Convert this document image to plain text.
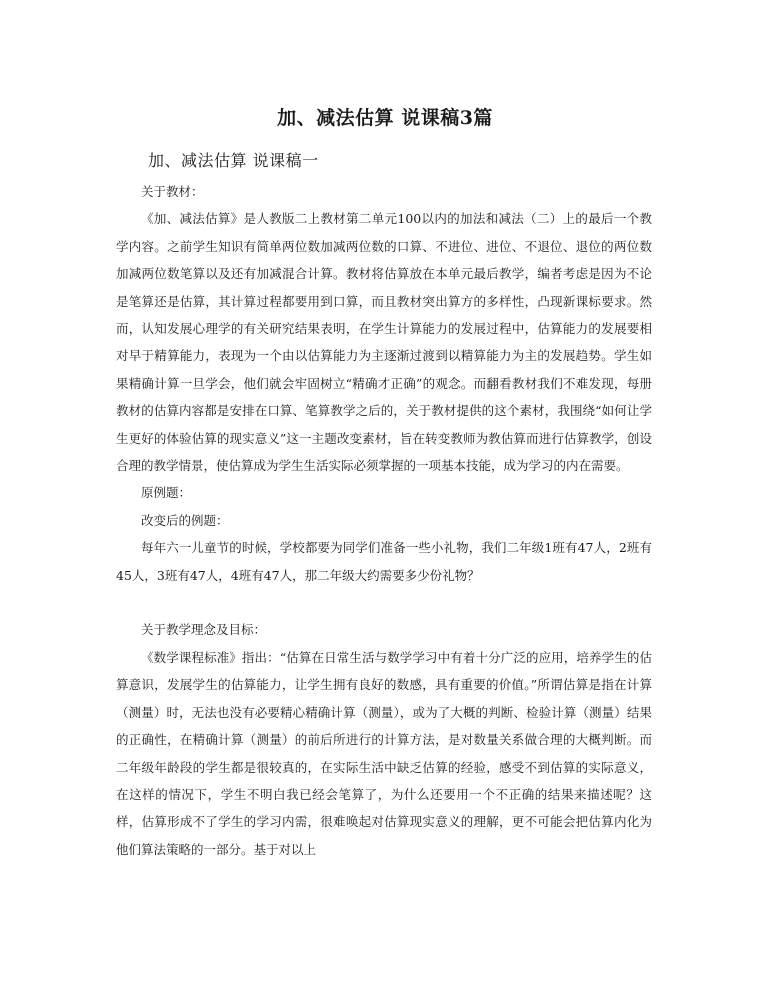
加、减法估算 说课稿3篇
加、减法估算 说课稿一

关于教材：

《加、减法估算》是人教版二上教材第二单元100以内的加法和减法（二）上的最后一个教学内容。之前学生知识有简单两位数加减两位数的口算、不进位、进位、不退位、退位的两位数加减两位数笔算以及还有加减混合计算。教材将估算放在本单元最后教学，编者考虑是因为不论是笔算还是估算，其计算过程都要用到口算，而且教材突出算方的多样性，凸现新课标要求。然而，认知发展心理学的有关研究结果表明，在学生计算能力的发展过程中，估算能力的发展要相对早于精算能力，表现为一个由以估算能力为主逐渐过渡到以精算能力为主的发展趋势。学生如果精确计算一旦学会，他们就会牢固树立“精确才正确”的观念。而翻看教材我们不难发现，每册教材的估算内容都是安排在口算、笔算教学之后的，关于教材提供的这个素材，我围绕“如何让学生更好的体验估算的现实意义”这一主题改变素材，旨在转变教师为教估算而进行估算教学，创设合理的教学情景，使估算成为学生生活实际必须掌握的一项基本技能，成为学习的内在需要。

原例题：

改变后的例题：

每年六一儿童节的时候，学校都要为同学们准备一些小礼物，我们二年级1班有47人，2班有45人，3班有47人，4班有47人，那二年级大约需要多少份礼物？

关于教学理念及目标：

《数学课程标准》指出：“估算在日常生活与数学学习中有着十分广泛的应用，培养学生的估算意识，发展学生的估算能力，让学生拥有良好的数感，具有重要的价值。”所谓估算是指在计算（测量）时，无法也没有必要精心精确计算（测量），或为了大概的判断、检验计算（测量）结果的正确性，在精确计算（测量）的前后所进行的计算方法，是对数量关系做合理的大概判断。而二年级年龄段的学生都是很较真的，在实际生活中缺乏估算的经验，感受不到估算的实际意义，在这样的情况下，学生不明白我已经会笔算了，为什么还要用一个不正确的结果来描述呢？这样，估算形成不了学生的学习内需，很难唤起对估算现实意义的理解，更不可能会把估算内化为他们算法策略的一部分。基于对以上
